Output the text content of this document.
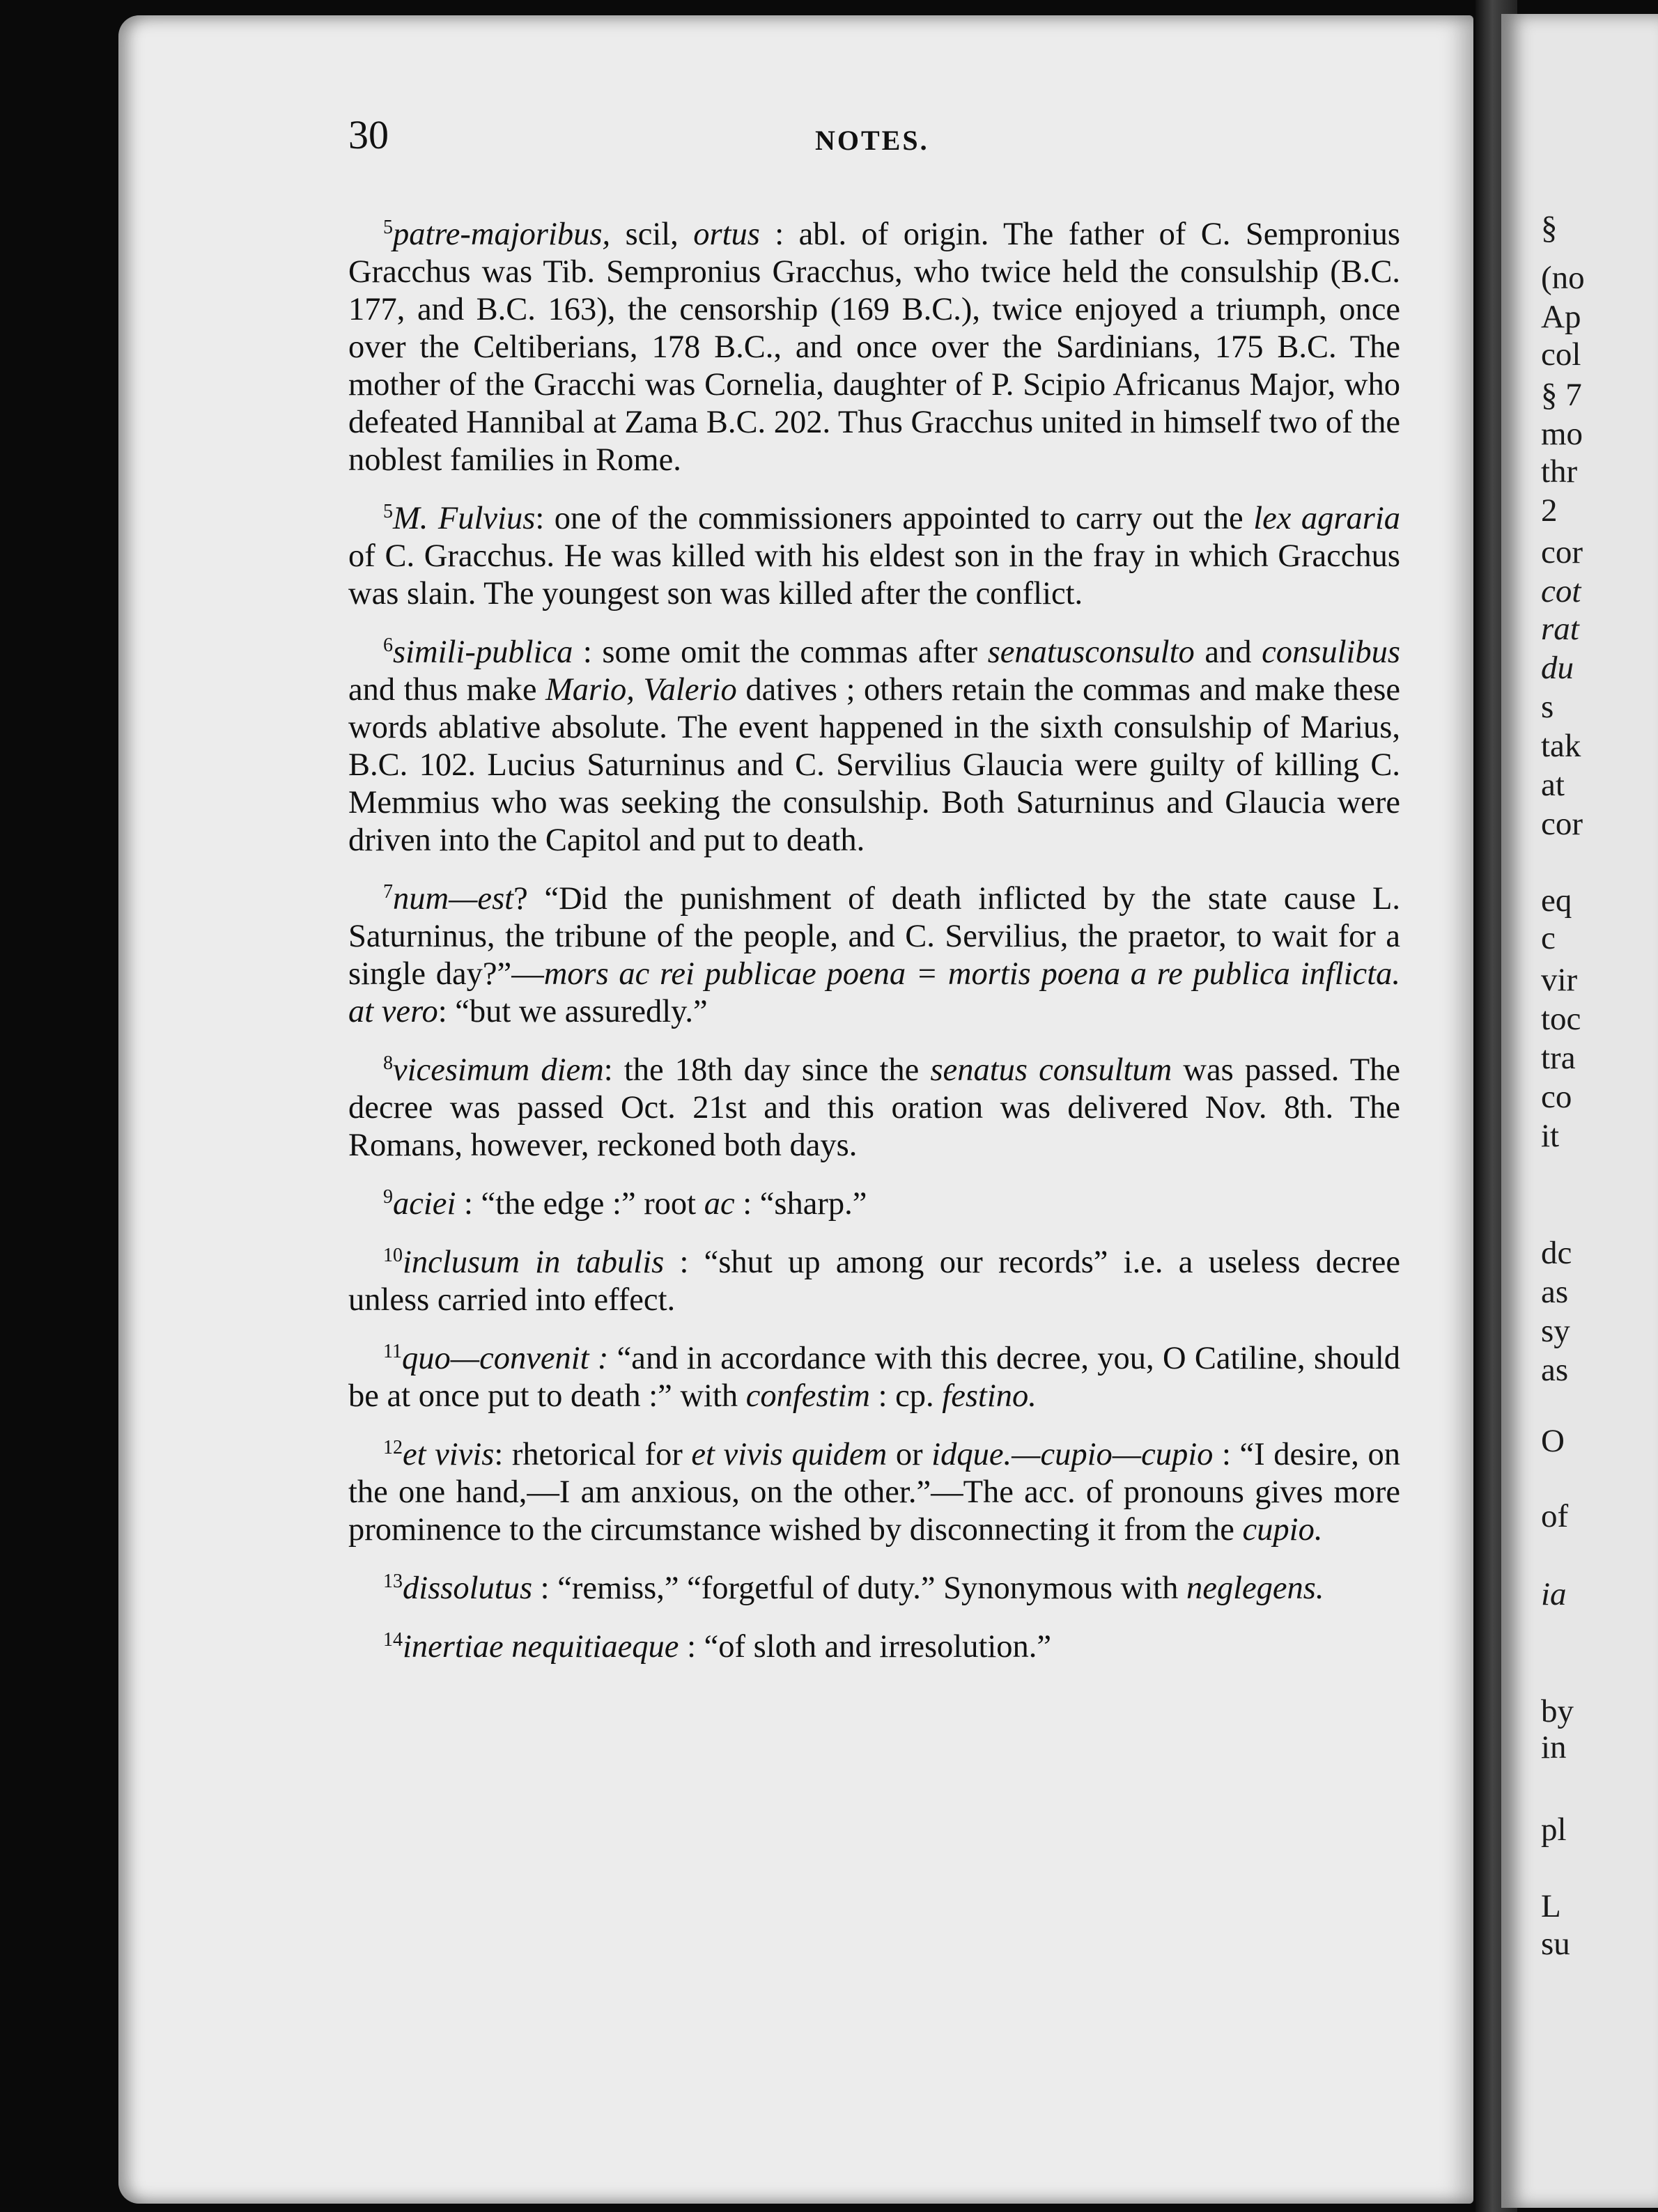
§
(no
Ap
col
§ 7
mo
thr
2
cor
cot
rat
du
s
tak
at
cor
eq
c
vir
toc
tra
co
it
dc
as
sy
as
O
of
ia
by
in
pl
L
su
30	NOTES.

$^5$patre-majoribus, scil, ortus : abl. of origin. The father of C. Sempronius Gracchus was Tib. Sempronius Gracchus, who twice held the consulship (B.C. 177, and B.C. 163), the censorship (169 B.C.), twice enjoyed a triumph, once over the Celtiberians, 178 B.C., and once over the Sardinians, 175 B.C. The mother of the Gracchi was Cornelia, daughter of P. Scipio Africanus Major, who defeated Hannibal at Zama B.C. 202. Thus Gracchus united in himself two of the noblest families in Rome.

$^5$M. Fulvius: one of the commissioners appointed to carry out the lex agraria of C. Gracchus. He was killed with his eldest son in the fray in which Gracchus was slain. The youngest son was killed after the conflict.

$^6$simili-publica : some omit the commas after senatusconsulto and consulibus and thus make Mario, Valerio datives ; others retain the commas and make these words ablative absolute. The event happened in the sixth consulship of Marius, B.C. 102. Lucius Saturninus and C. Servilius Glaucia were guilty of killing C. Memmius who was seeking the consulship. Both Saturninus and Glaucia were driven into the Capitol and put to death.

$^7$num—est? “Did the punishment of death inflicted by the state cause L. Saturninus, the tribune of the people, and C. Servilius, the praetor, to wait for a single day?”—mors ac rei publicae poena = mortis poena a re publica inflicta. at vero: “but we assuredly.”

$^8$vicesimum diem: the 18th day since the senatus consultum was passed. The decree was passed Oct. 21st and this oration was delivered Nov. 8th. The Romans, however, reckoned both days.

$^9$aciei : “the edge :” root ac : “sharp.”

$^{10}$inclusum in tabulis : “shut up among our records” i.e. a useless decree unless carried into effect.

$^{11}$quo—convenit : “and in accordance with this decree, you, O Catiline, should be at once put to death :” with confestim : cp. festino.

$^{12}$et vivis: rhetorical for et vivis quidem or idque.—cupio—cupio : “I desire, on the one hand,—I am anxious, on the other.”—The acc. of pronouns gives more prominence to the circumstance wished by disconnecting it from the cupio.

$^{13}$dissolutus : “remiss,” “forgetful of duty.” Synonymous with neglegens.

$^{14}$inertiae nequitiaeque : “of sloth and irresolution.”
